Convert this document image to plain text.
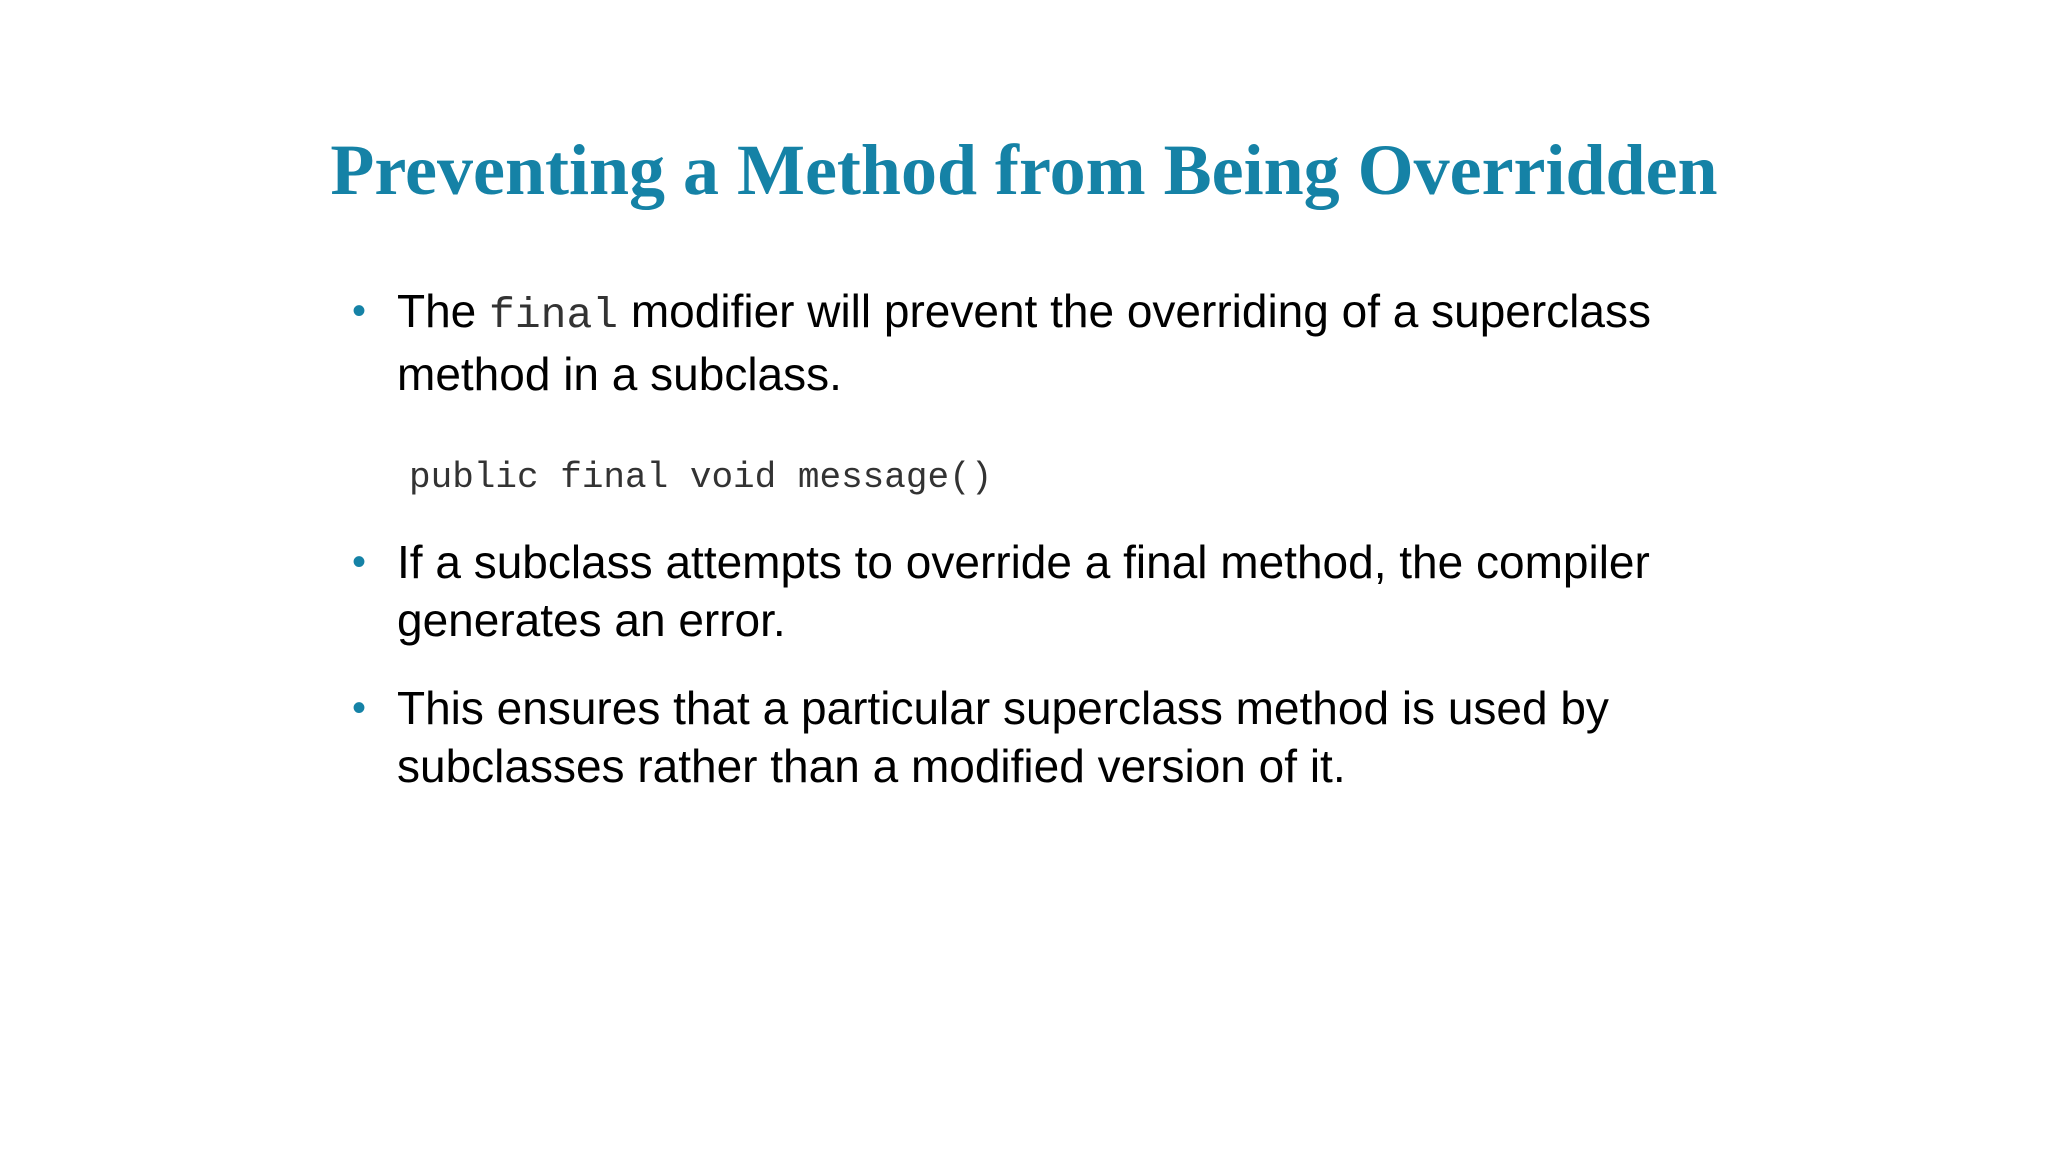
Preventing a Method from Being Overridden
• The final modifier will prevent the overriding of a superclass method in a subclass.
public final void message()
• If a subclass attempts to override a final method, the compiler generates an error.
• This ensures that a particular superclass method is used by subclasses rather than a modified version of it.
